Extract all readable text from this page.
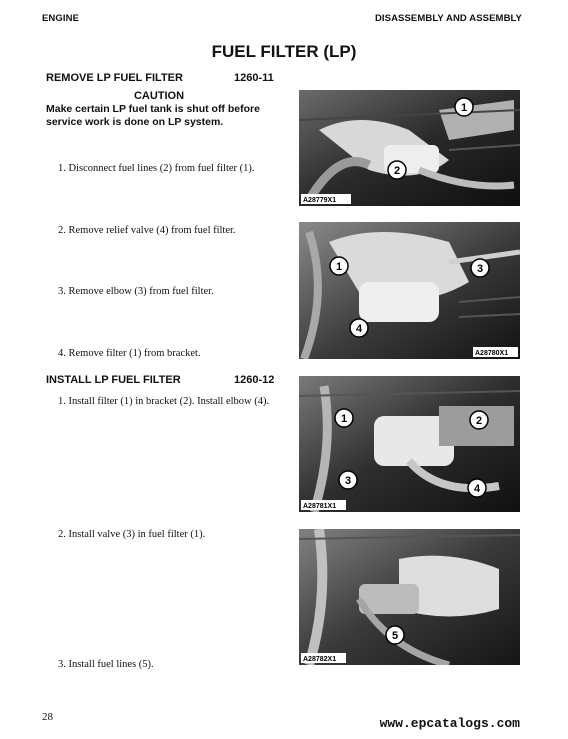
ENGINE	DISASSEMBLY AND ASSEMBLY
FUEL FILTER (LP)
REMOVE LP FUEL FILTER	1260-11
CAUTION
Make certain LP fuel tank is shut off before
service work is done on LP system.
1. Disconnect fuel lines (2) from fuel filter (1).
2. Remove relief valve (4) from fuel filter.
3. Remove elbow (3) from fuel filter.
4. Remove filter (1) from bracket.
INSTALL LP FUEL FILTER	1260-12
1. Install filter (1) in bracket (2). Install elbow (4).
2. Install valve (3) in fuel filter (1).
3. Install fuel lines (5).
1
2
A28779X1
1	3
4
A28780X1
1	2
3
4
A28781X1
5
A28782X1
28	www.epcatalogs.com
